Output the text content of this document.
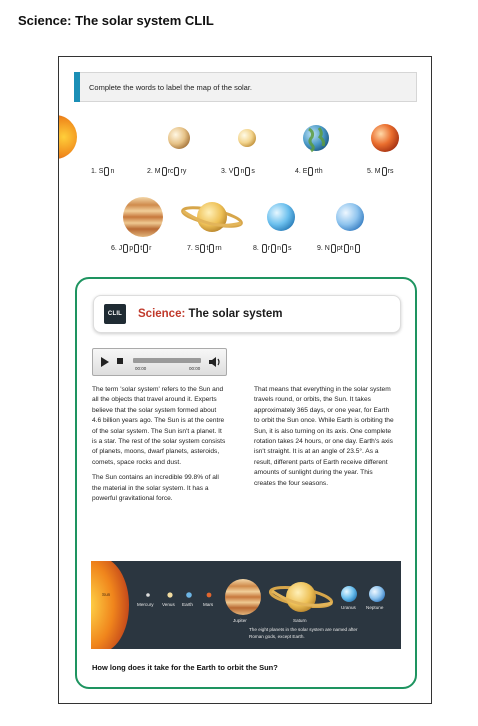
Science: The solar system CLIL
Complete the words to label the map of the solar.
1. S n	2. M rc ry	3. V n s	4. E rth	5. M rs
6. J p t r	7. S t rn	8. r n s	9. N pt n
CLIL	Science: The solar system
00:00	00:00

The term 'solar system' refers to the Sun and all the objects that travel around it. Experts believe that the solar system formed about 4.6 billion years ago. The Sun is at the centre of the solar system. The Sun isn't a planet. It is a star. The rest of the solar system consists of planets, moons, dwarf planets, asteroids, comets, space rocks and dust.

The Sun contains an incredible 99.8% of all the material in the solar system. It has a powerful gravitational force.

That means that everything in the solar system travels round, or orbits, the Sun. It takes approximately 365 days, or one year, for Earth to orbit the Sun once. While Earth is orbiting the Sun, it is also turning on its axis. One complete rotation takes 24 hours, or one day. Earth's axis isn't straight. It is at an angle of 23.5°. As a result, different parts of Earth receive different amounts of sunlight during the year. This creates the four seasons.

Sun
Mercury Venus Earth Mars
Jupiter	Saturn
Uranus Neptune
The eight planets in the solar system are named after
Roman gods, except Earth.
How long does it take for the Earth to orbit the Sun?
